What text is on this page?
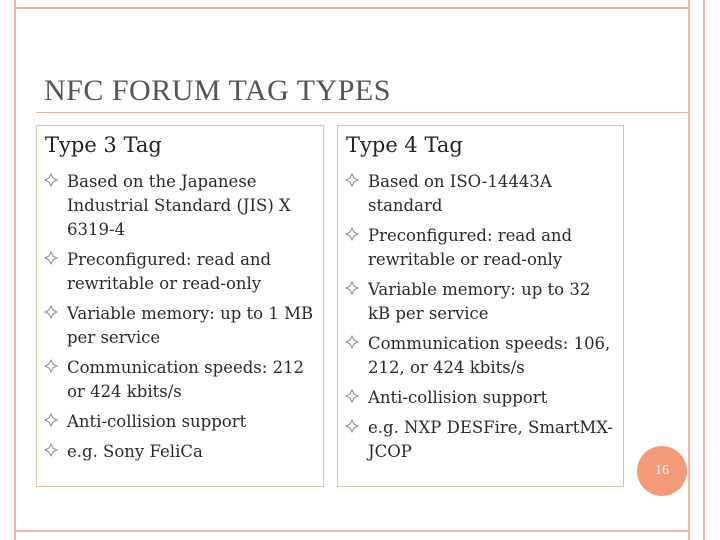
NFC FORUM TAG TYPES
Type 3 Tag
Based on the Japanese Industrial Standard (JIS) X 6319-4
Preconfigured: read and rewritable or read-only
Variable memory: up to 1 MB per service
Communication speeds: 212 or 424 kbits/s
Anti-collision support
e.g. Sony FeliCa
Type 4 Tag
Based on ISO-14443A standard
Preconfigured: read and rewritable or read-only
Variable memory: up to 32 kB per service
Communication speeds: 106, 212, or 424 kbits/s
Anti-collision support
e.g. NXP DESFire, SmartMX-JCOP
16
